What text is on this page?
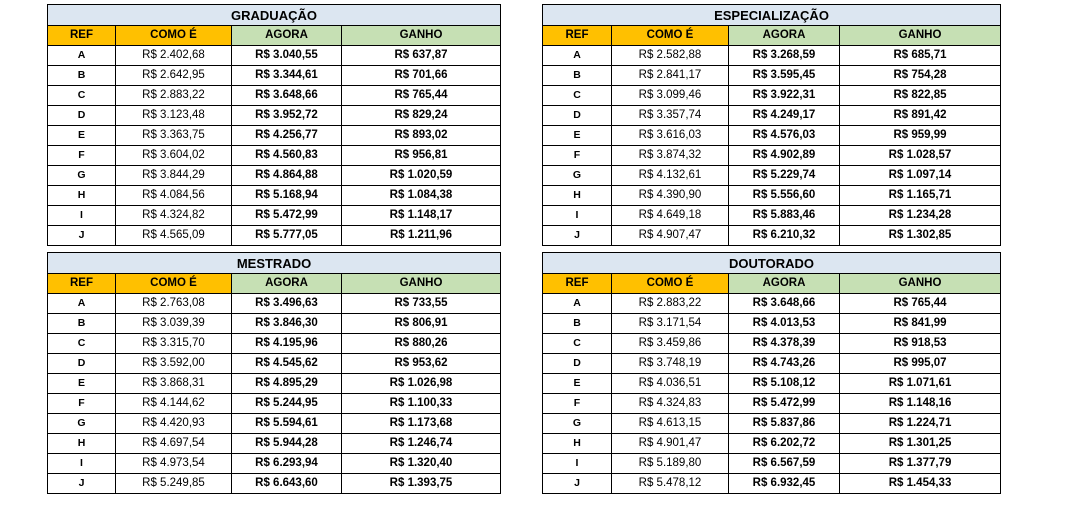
GRADUAÇÃO			
REF	COMO É	AGORA	GANHO
A	R$ 2.402,68	R$ 3.040,55	R$ 637,87
B	R$ 2.642,95	R$ 3.344,61	R$ 701,66
C	R$ 2.883,22	R$ 3.648,66	R$ 765,44
D	R$ 3.123,48	R$ 3.952,72	R$ 829,24
E	R$ 3.363,75	R$ 4.256,77	R$ 893,02
F	R$ 3.604,02	R$ 4.560,83	R$ 956,81
G	R$ 3.844,29	R$ 4.864,88	R$ 1.020,59
H	R$ 4.084,56	R$ 5.168,94	R$ 1.084,38
I	R$ 4.324,82	R$ 5.472,99	R$ 1.148,17
J	R$ 4.565,09	R$ 5.777,05	R$ 1.211,96
ESPECIALIZAÇÃO			
REF	COMO É	AGORA	GANHO
A	R$ 2.582,88	R$ 3.268,59	R$ 685,71
B	R$ 2.841,17	R$ 3.595,45	R$ 754,28
C	R$ 3.099,46	R$ 3.922,31	R$ 822,85
D	R$ 3.357,74	R$ 4.249,17	R$ 891,42
E	R$ 3.616,03	R$ 4.576,03	R$ 959,99
F	R$ 3.874,32	R$ 4.902,89	R$ 1.028,57
G	R$ 4.132,61	R$ 5.229,74	R$ 1.097,14
H	R$ 4.390,90	R$ 5.556,60	R$ 1.165,71
I	R$ 4.649,18	R$ 5.883,46	R$ 1.234,28
J	R$ 4.907,47	R$ 6.210,32	R$ 1.302,85
MESTRADO			
REF	COMO É	AGORA	GANHO
A	R$ 2.763,08	R$ 3.496,63	R$ 733,55
B	R$ 3.039,39	R$ 3.846,30	R$ 806,91
C	R$ 3.315,70	R$ 4.195,96	R$ 880,26
D	R$ 3.592,00	R$ 4.545,62	R$ 953,62
E	R$ 3.868,31	R$ 4.895,29	R$ 1.026,98
F	R$ 4.144,62	R$ 5.244,95	R$ 1.100,33
G	R$ 4.420,93	R$ 5.594,61	R$ 1.173,68
H	R$ 4.697,54	R$ 5.944,28	R$ 1.246,74
I	R$ 4.973,54	R$ 6.293,94	R$ 1.320,40
J	R$ 5.249,85	R$ 6.643,60	R$ 1.393,75
DOUTORADO			
REF	COMO É	AGORA	GANHO
A	R$ 2.883,22	R$ 3.648,66	R$ 765,44
B	R$ 3.171,54	R$ 4.013,53	R$ 841,99
C	R$ 3.459,86	R$ 4.378,39	R$ 918,53
D	R$ 3.748,19	R$ 4.743,26	R$ 995,07
E	R$ 4.036,51	R$ 5.108,12	R$ 1.071,61
F	R$ 4.324,83	R$ 5.472,99	R$ 1.148,16
G	R$ 4.613,15	R$ 5.837,86	R$ 1.224,71
H	R$ 4.901,47	R$ 6.202,72	R$ 1.301,25
I	R$ 5.189,80	R$ 6.567,59	R$ 1.377,79
J	R$ 5.478,12	R$ 6.932,45	R$ 1.454,33
